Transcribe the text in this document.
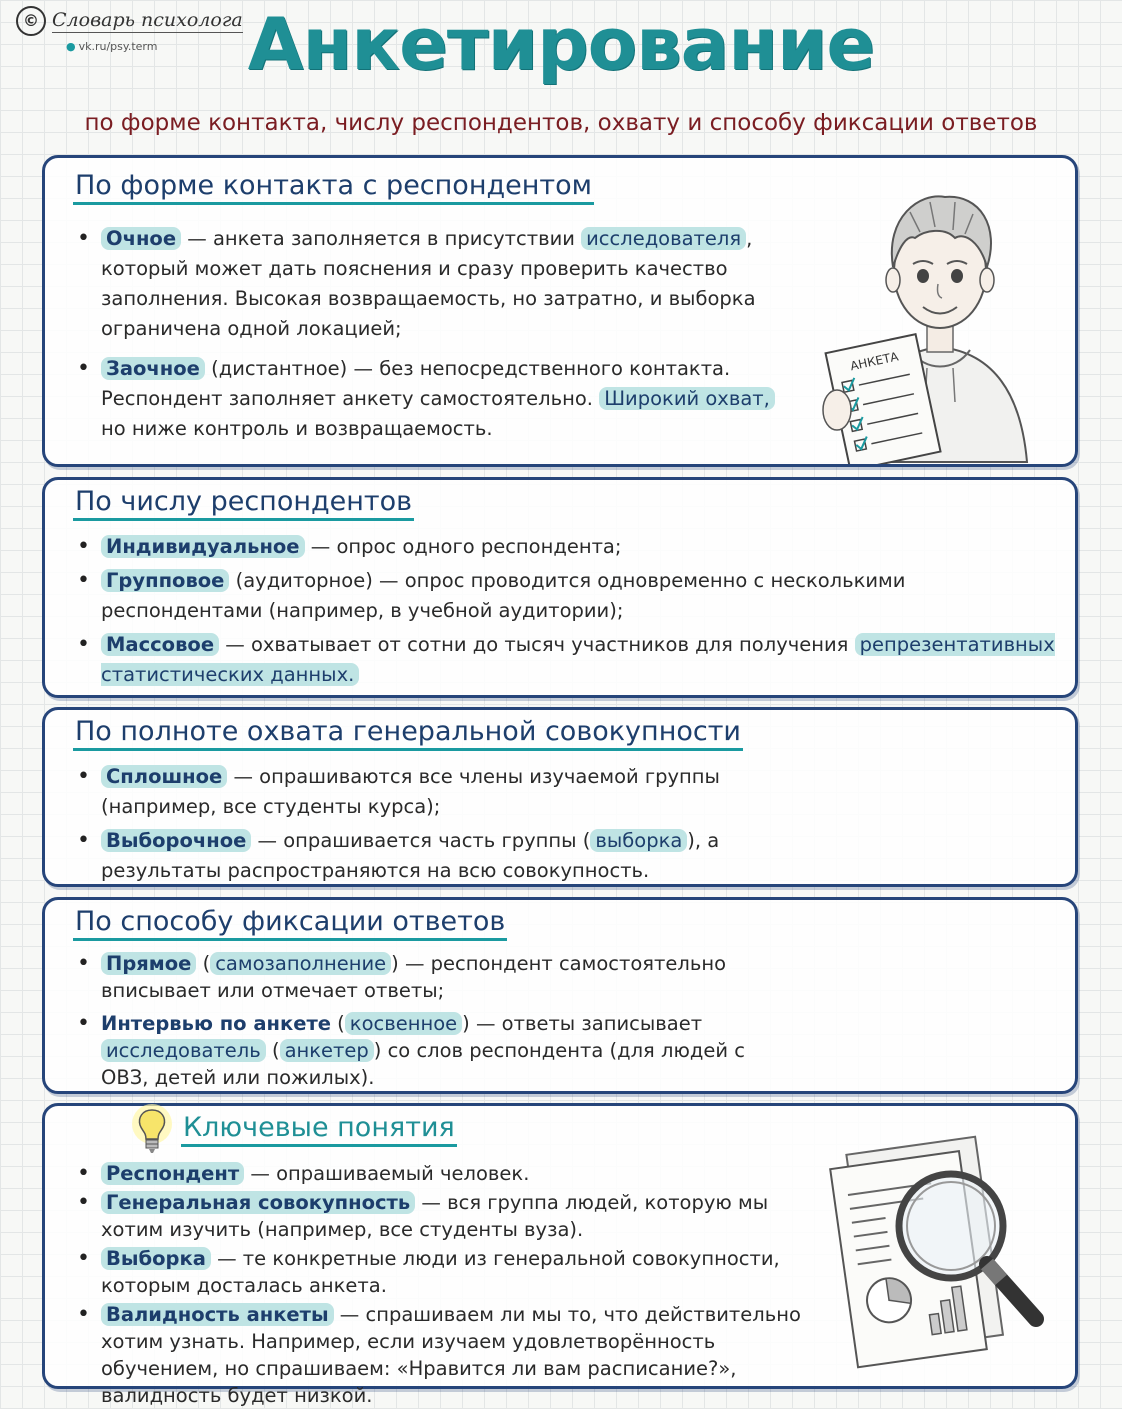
© Словарь психолога
● vk.ru/psy.term	Анкетирование
по форме контакта, числу респондентов, охвату и способу фиксации ответов
По форме контакта с респондентом
• Очное — анкета заполняется в присутствии исследователя , который может дать пояснения и сразу проверить качество заполнения. Высокая возвращаемость, но затратно, и выборка ограничена одной локацией;
• Заочное (дистантное) — без непосредственного контакта. Респондент заполняет анкету самостоятельно. Широкий охват, но ниже контроль и возвращаемость.
АНКЕТА
По числу респондентов
• Индивидуальное — опрос одного респондента;
• Групповое (аудиторное) — опрос проводится одновременно с несколькими респондентами (например, в учебной аудитории);
• Массовое — охватывает от сотни до тысяч участников для получения репрезентативных статистических данных.
По полноте охвата генеральной совокупности
• Сплошное — опрашиваются все члены изучаемой группы (например, все студенты курса);
• Выборочное — опрашивается часть группы ( выборка ), а результаты распространяются на всю совокупность.
По способу фиксации ответов
• Прямое ( самозаполнение ) — респондент самостоятельно вписывает или отмечает ответы;
• Интервью по анкете ( косвенное ) — ответы записывает исследователь ( анкетер ) со слов респондента (для людей с ОВЗ, детей или пожилых).
Ключевые понятия
• Респондент — опрашиваемый человек.
• Генеральная совокупность — вся группа людей, которую мы хотим изучить (например, все студенты вуза).
• Выборка — те конкретные люди из генеральной совокупности, которым досталась анкета.
• Валидность анкеты — спрашиваем ли мы то, что действительно хотим узнать. Например, если изучаем удовлетворённость обучением, но спрашиваем: «Нравится ли вам расписание?», валидность будет низкой.
